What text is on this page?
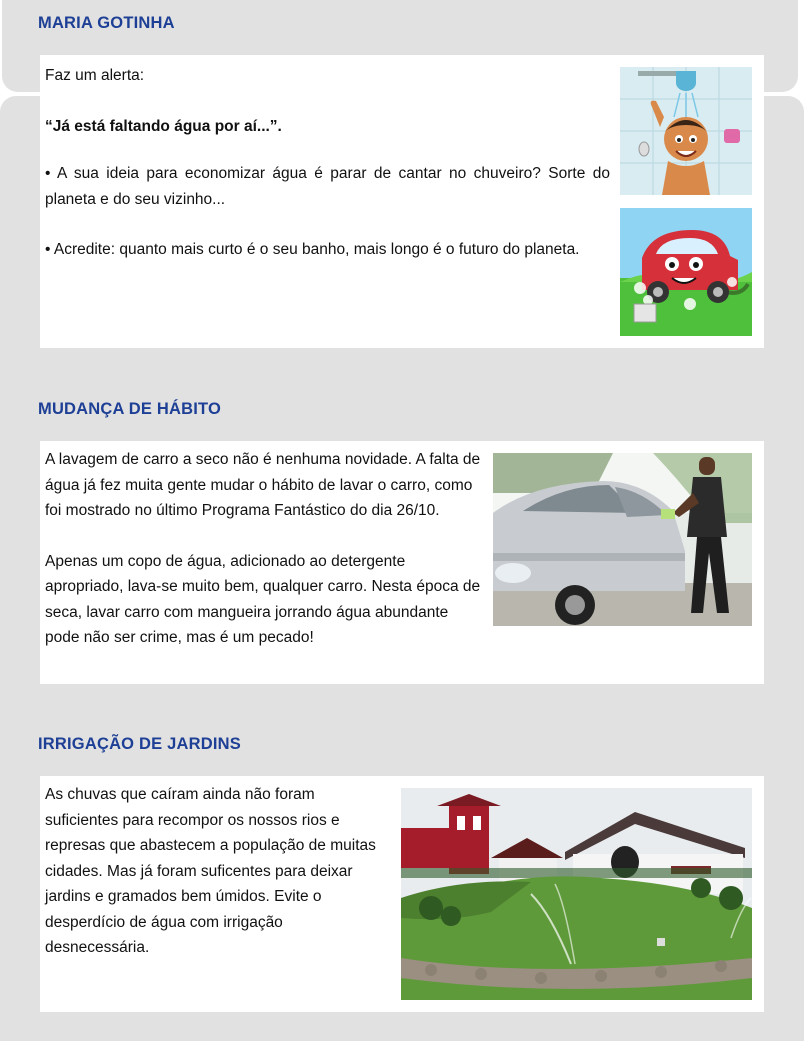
MARIA GOTINHA

Faz um alerta:

“Já está faltando água por aí...”.

• A sua ideia para economizar água é parar de cantar no chuveiro? Sorte do planeta e do seu vizinho...

• Acredite: quanto mais curto é o seu banho, mais longo é o futuro do planeta.

MUDANÇA DE HÁBITO

A lavagem de carro a seco não é nenhuma novidade. A falta de água já fez muita gente mudar o hábito de lavar o carro, como foi mostrado no último Programa Fantástico do dia 26/10.

Apenas um copo de água, adicionado ao detergente apropriado, lava-se muito bem, qualquer carro. Nesta época de seca, lavar carro com mangueira jorrando água abundante pode não ser crime, mas é um pecado!

IRRIGAÇÃO DE JARDINS

As chuvas que caíram ainda não foram suficientes para recompor os nossos rios e represas que abastecem a população de muitas cidades. Mas já foram suficentes para deixar jardins e gramados bem úmidos. Evite o desperdício de água com irrigação desnecessária.
